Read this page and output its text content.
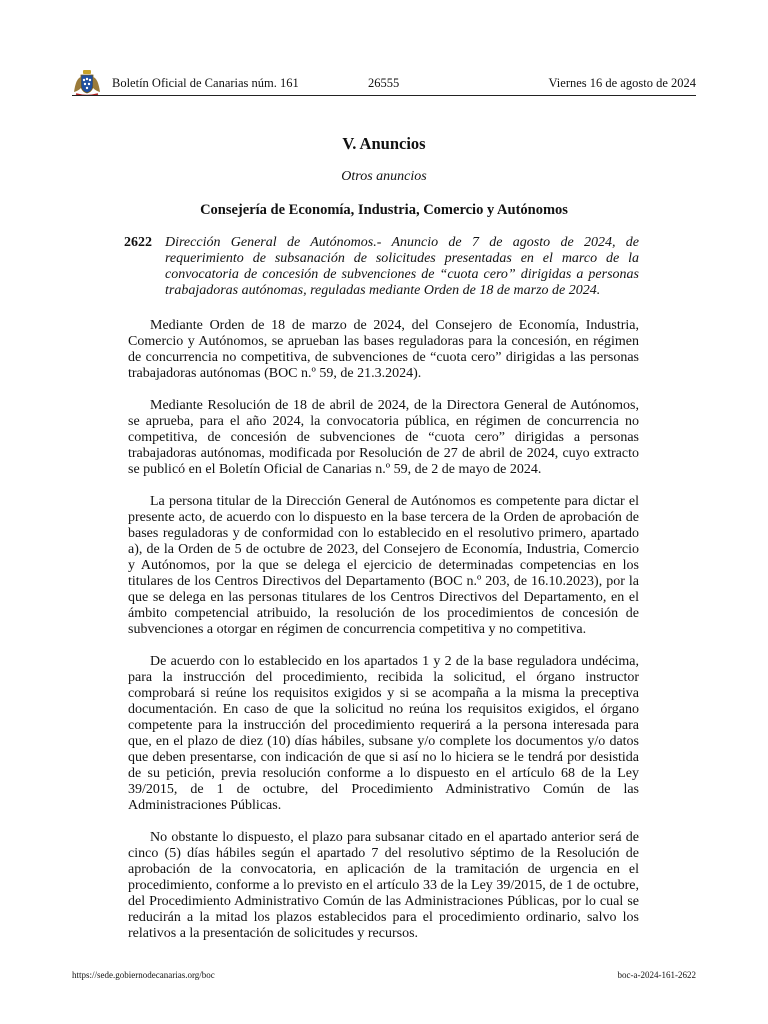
Boletín Oficial de Canarias núm. 161	26555	Viernes 16 de agosto de 2024
V. Anuncios
Otros anuncios
Consejería de Economía, Industria, Comercio y Autónomos
2622 Dirección General de Autónomos.- Anuncio de 7 de agosto de 2024, de requerimiento de subsanación de solicitudes presentadas en el marco de la convocatoria de concesión de subvenciones de “cuota cero” dirigidas a personas trabajadoras autónomas, reguladas mediante Orden de 18 de marzo de 2024.

Mediante Orden de 18 de marzo de 2024, del Consejero de Economía, Industria, Comercio y Autónomos, se aprueban las bases reguladoras para la concesión, en régimen de concurrencia no competitiva, de subvenciones de “cuota cero” dirigidas a las personas trabajadoras autónomas (BOC n.º 59, de 21.3.2024).

Mediante Resolución de 18 de abril de 2024, de la Directora General de Autónomos, se aprueba, para el año 2024, la convocatoria pública, en régimen de concurrencia no competitiva, de concesión de subvenciones de “cuota cero” dirigidas a personas trabajadoras autónomas, modificada por Resolución de 27 de abril de 2024, cuyo extracto se publicó en el Boletín Oficial de Canarias n.º 59, de 2 de mayo de 2024.

La persona titular de la Dirección General de Autónomos es competente para dictar el presente acto, de acuerdo con lo dispuesto en la base tercera de la Orden de aprobación de bases reguladoras y de conformidad con lo establecido en el resolutivo primero, apartado a), de la Orden de 5 de octubre de 2023, del Consejero de Economía, Industria, Comercio y Autónomos, por la que se delega el ejercicio de determinadas competencias en los titulares de los Centros Directivos del Departamento (BOC n.º 203, de 16.10.2023), por la que se delega en las personas titulares de los Centros Directivos del Departamento, en el ámbito competencial atribuido, la resolución de los procedimientos de concesión de subvenciones a otorgar en régimen de concurrencia competitiva y no competitiva.

De acuerdo con lo establecido en los apartados 1 y 2 de la base reguladora undécima, para la instrucción del procedimiento, recibida la solicitud, el órgano instructor comprobará si reúne los requisitos exigidos y si se acompaña a la misma la preceptiva documentación. En caso de que la solicitud no reúna los requisitos exigidos, el órgano competente para la instrucción del procedimiento requerirá a la persona interesada para que, en el plazo de diez (10) días hábiles, subsane y/o complete los documentos y/o datos que deben presentarse, con indicación de que si así no lo hiciera se le tendrá por desistida de su petición, previa resolución conforme a lo dispuesto en el artículo 68 de la Ley 39/2015, de 1 de octubre, del Procedimiento Administrativo Común de las Administraciones Públicas.

No obstante lo dispuesto, el plazo para subsanar citado en el apartado anterior será de cinco (5) días hábiles según el apartado 7 del resolutivo séptimo de la Resolución de aprobación de la convocatoria, en aplicación de la tramitación de urgencia en el procedimiento, conforme a lo previsto en el artículo 33 de la Ley 39/2015, de 1 de octubre, del Procedimiento Administrativo Común de las Administraciones Públicas, por lo cual se reducirán a la mitad los plazos establecidos para el procedimiento ordinario, salvo los relativos a la presentación de solicitudes y recursos.

https://sede.gobiernodecanarias.org/boc	boc-a-2024-161-2622
